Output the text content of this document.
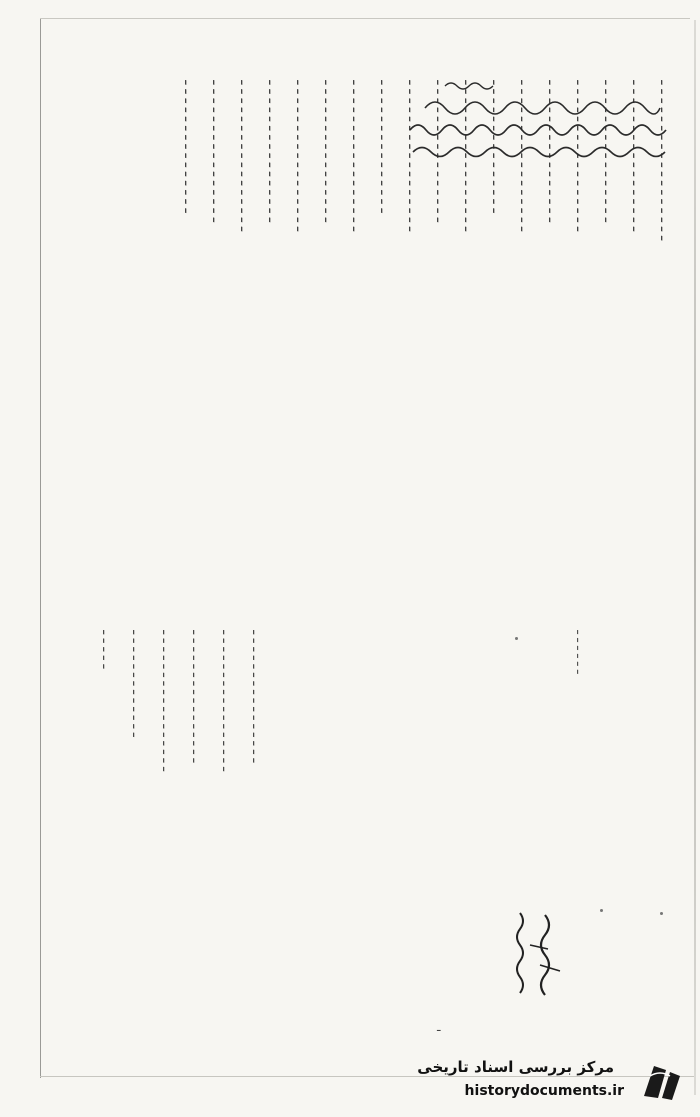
ـ ـ ـ ـ ـ ـ ـ ـ ـ ـ ـ ـ ـ ـ ـ ـ ـ ـ
ـ ـ ـ ـ ـ ـ ـ ـ ـ ـ ـ ـ ـ ـ ـ ـ ـ
ـ ـ ـ ـ ـ ـ ـ ـ ـ ـ ـ ـ ـ ـ ـ ـ
ـ ـ ـ ـ ـ ـ ـ ـ ـ ـ ـ ـ ـ ـ ـ ـ ـ
ـ ـ ـ ـ ـ ـ ـ ـ ـ ـ ـ ـ ـ ـ ـ ـ
ـ ـ ـ ـ ـ ـ ـ ـ ـ ـ ـ ـ ـ ـ ـ ـ ـ
ـ ـ ـ ـ ـ ـ ـ ـ ـ ـ ـ ـ ـ ـ ـ
ـ ـ ـ ـ ـ ـ ـ ـ ـ ـ ـ ـ ـ ـ ـ ـ ـ
ـ ـ ـ ـ ـ ـ ـ ـ ـ ـ ـ ـ ـ ـ ـ ـ
ـ ـ ـ ـ ـ ـ ـ ـ ـ ـ ـ ـ ـ ـ ـ ـ ـ
ـ ـ ـ ـ ـ ـ ـ ـ ـ ـ ـ ـ ـ ـ ـ
ـ ـ ـ ـ ـ ـ ـ ـ ـ ـ ـ ـ ـ ـ ـ ـ ـ
ـ ـ ـ ـ ـ ـ ـ ـ ـ ـ ـ ـ ـ ـ ـ ـ
ـ ـ ـ ـ ـ ـ ـ ـ ـ ـ ـ ـ ـ ـ ـ ـ ـ
ـ ـ ـ ـ ـ ـ ـ ـ ـ ـ ـ ـ ـ ـ ـ ـ
ـ ـ ـ ـ ـ ـ ـ ـ ـ ـ ـ ـ ـ ـ ـ ـ ـ
ـ ـ ـ ـ ـ ـ ـ ـ ـ ـ ـ ـ ـ ـ ـ ـ
ـ ـ ـ ـ ـ ـ ـ ـ ـ ـ ـ ـ ـ ـ ـ
ـ ـ ـ ـ ـ ـ ـ ـ ـ ـ ـ ـ ـ ـ ـ ـ
ـ ـ ـ ـ ـ ـ ـ ـ ـ ـ ـ ـ ـ ـ ـ ـ ـ
ـ ـ ـ ـ ـ ـ ـ ـ ـ ـ ـ ـ ـ ـ ـ ـ
ـ ـ ـ ـ ـ ـ ـ ـ ـ ـ ـ ـ ـ ـ ـ ـ ـ
ـ ـ ـ ـ ـ ـ ـ ـ ـ ـ ـ ـ ـ
ـ ـ ـ ـ ـ	ـ ـ ـ ـ ـ ـ
ـ
مرکز بررسی اسناد تاریخی
historydocuments.ir
